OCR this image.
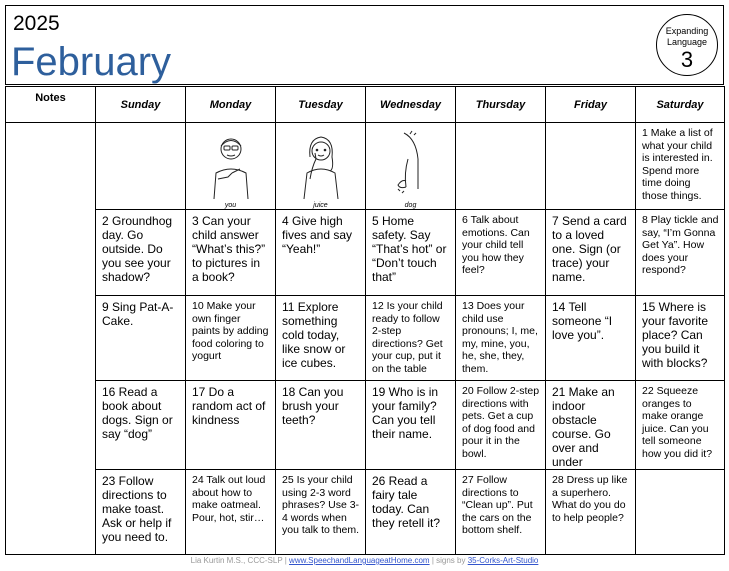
2025
February
Expanding
Language
3
Notes	Sunday	Monday	Tuesday	Wednesday	Thursday	Friday	Saturday

		you	juice	dog			1 Make a list of what your child is interested in. Spend more time doing those things.

	2 Groundhog day. Go outside. Do you see your shadow?	3 Can your child answer “What’s this?” to pictures in a book?	4 Give high fives and say “Yeah!”	5 Home safety. Say “That’s hot” or “Don’t touch that”	6 Talk about emotions. Can your child tell you how they feel?	7 Send a card to a loved one. Sign (or trace) your name.	8 Play tickle and say, “I’m Gonna Get Ya”. How does your respond?

	9 Sing Pat-A-Cake.	10 Make your own finger paints by adding food coloring to yogurt	11 Explore something cold today, like snow or ice cubes.	12 Is your child ready to follow 2-step directions? Get your cup, put it on the table	13 Does your child use pronouns; I, me, my, mine, you, he, she, they, them.	14 Tell someone “I love you”.	15 Where is your favorite place? Can you build it with blocks?

	16 Read a book about dogs. Sign or say “dog”	17 Do a random act of kindness	18 Can you brush your teeth?	19 Who is in your family? Can you tell their name.	20 Follow 2-step directions with pets. Get a cup of dog food and pour it in the bowl.	21 Make an indoor obstacle course. Go over and under	22 Squeeze oranges to make orange juice. Can you tell someone how you did it?

	23 Follow directions to make toast. Ask or help if you need to.	24 Talk out loud about how to make oatmeal. Pour, hot, stir…	25 Is your child using 2-3 word phrases? Use 3-4 words when you talk to them.	26 Read a fairy tale today. Can they retell it?	27 Follow directions to “Clean up”. Put the cars on the bottom shelf.	28 Dress up like a superhero. What do you do to help people?	

Lia Kurtin M.S., CCC-SLP | www.SpeechandLanguageatHome.com | signs by 35-Corks-Art-Studio
